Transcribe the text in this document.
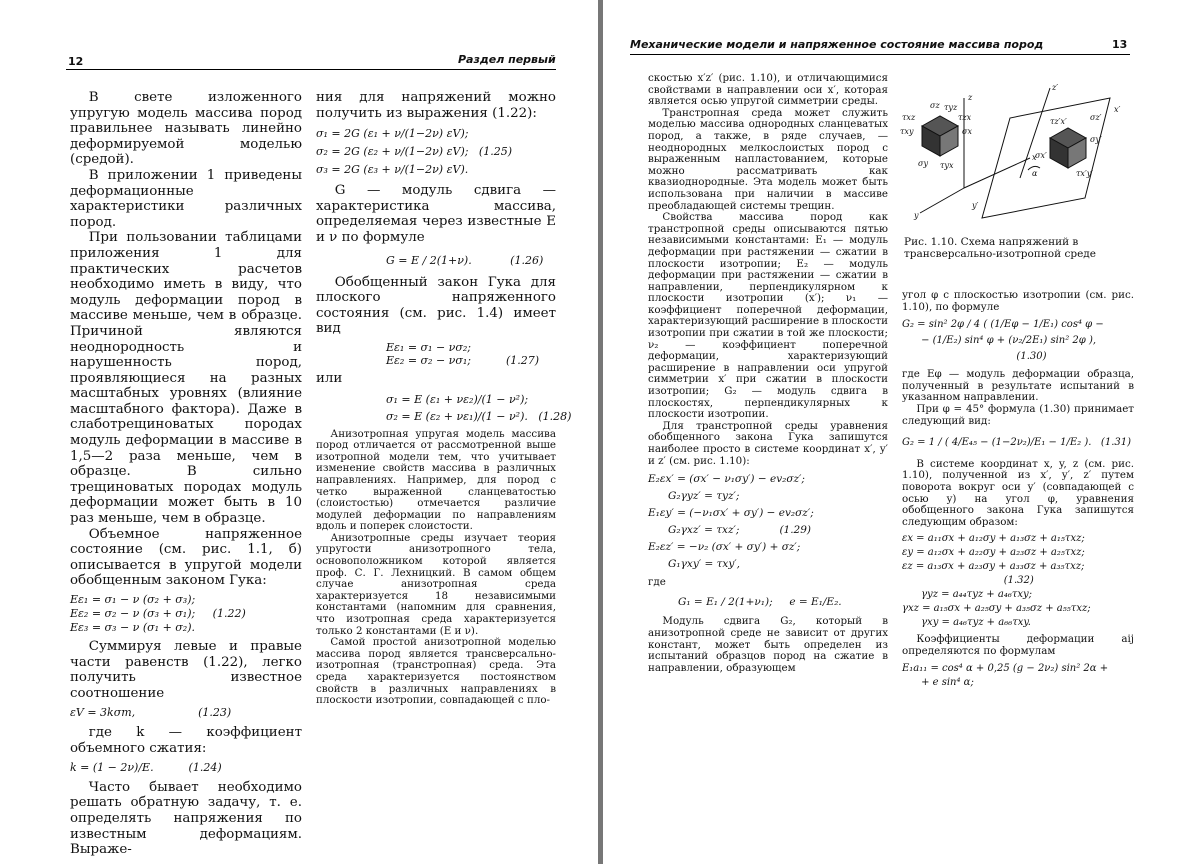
12	Раздел первый

В свете изложенного упругую модель массива пород правильнее называть линейно деформируемой моделью (средой).

В приложении 1 приведены деформационные характеристики различных пород.

При пользовании таблицами приложения 1 для практических расчетов необходимо иметь в виду, что модуль деформации пород в массиве меньше, чем в образце. Причиной являются неоднородность и нарушенность пород, проявляющиеся на разных масштабных уровнях (влияние масштабного фактора). Даже в слаботрещиноватых породах модуль деформации в массиве в 1,5—2 раза меньше, чем в образце. В сильно трещиноватых породах модуль деформации может быть в 10 раз меньше, чем в образце.

Объемное напряженное состояние (см. рис. 1.1, б) описывается в упругой модели обобщенным законом Гука:

Eε₁ = σ₁ − ν (σ₂ + σ₃);
Eε₂ = σ₂ − ν (σ₃ + σ₁);     (1.22)
Eε₃ = σ₃ − ν (σ₁ + σ₂).

Суммируя левые и правые части равенств (1.22), легко получить известное соотношение

εV = 3kσm,                  (1.23)

где k — коэффициент объемного сжатия:

k = (1 − 2ν)/E.          (1.24)

Часто бывает необходимо решать обратную задачу, т. е. определять напряжения по известным деформациям. Выраже-

ния для напряжений можно получить из выражения (1.22):

σ₁ = 2G (ε₁ + ν/(1−2ν) εV);
σ₂ = 2G (ε₂ + ν/(1−2ν) εV);   (1.25)
σ₃ = 2G (ε₃ + ν/(1−2ν) εV).

G — модуль сдвига — характеристика массива, определяемая через известные E и ν по формуле

G = E / 2(1+ν).           (1.26)

Обобщенный закон Гука для плоского напряженного состояния (см. рис. 1.4) имеет вид

Eε₁ = σ₁ − νσ₂;
Eε₂ = σ₂ − νσ₁;          (1.27)

или

σ₁ = E (ε₁ + νε₂)/(1 − ν²);
σ₂ = E (ε₂ + νε₁)/(1 − ν²).   (1.28)

Анизотропная упругая модель массива пород отличается от рассмотренной выше изотропной модели тем, что учитывает изменение свойств массива в различных направлениях. Например, для пород с четко выраженной сланцеватостью (слоистостью) отмечается различие модулей деформации по направлениям вдоль и поперек слоистости.

Анизотропные среды изучает теория упругости анизотропного тела, основоположником которой является проф. С. Г. Лехницкий. В самом общем случае анизотропная среда характеризуется 18 независимыми константами (напомним для сравнения, что изотропная среда характеризуется только 2 константами (E и ν).

Самой простой анизотропной моделью массива пород является трансверсально-изотропная (транстропная) среда. Эта среда характеризуется постоянством свойств в различных направлениях в плоскости изотропии, совпадающей с пло-

Механические модели и напряженное состояние массива пород	13

скостью x′z′ (рис. 1.10), и отличающимися свойствами в направлении оси x′, которая является осью упругой симметрии среды.

Транстропная среда может служить моделью массива однородных сланцеватых пород, а также, в ряде случаев, — неоднородных мелкослоистых пород с выраженным напластованием, которые можно рассматривать как квазиоднородные. Эта модель может быть использована при наличии в массиве преобладающей системы трещин.

Свойства массива пород как транстропной среды описываются пятью независимыми константами: E₁ — модуль деформации при растяжении — сжатии в плоскости изотропии; E₂ — модуль деформации при растяжении — сжатии в направлении, перпендикулярном к плоскости изотропии (x′); ν₁ — коэффициент поперечной деформации, характеризующий расширение в плоскости изотропии при сжатии в той же плоскости; ν₂ — коэффициент поперечной деформации, характеризующий расширение в направлении оси упругой симметрии x′ при сжатии в плоскости изотропии; G₂ — модуль сдвига в плоскостях, перпендикулярных к плоскости изотропии.

Для транстропной среды уравнения обобщенного закона Гука запишутся наиболее просто в системе координат x′, y′ и z′ (см. рис. 1.10):

E₂εx′ = (σx′ − ν₁σy′) − ev₂σz′;
G₂γyz′ = τyz′;
E₁εy′ = (−ν₁σx′ + σy′) − ev₂σz′;
G₂γxz′ = τxz′;            (1.29)
E₂εz′ = −ν₂ (σx′ + σy′) + σz′;
G₁γxy′ = τxy′,

где

G₁ = E₁ / 2(1+ν₁);     e = E₁/E₂.

Модуль сдвига G₂, который в анизотропной среде не зависит от других констант, может быть определен из испытаний образцов пород на сжатие в направлении, образующем

σz τyz
τzx
τxz
τxy	σx
σy τyx
σz′
τz′x′
σy′
σx′
τx′y′
z′
x′
y′
z
y
x
α
Рис. 1.10. Схема напряжений в трансверсально-изотропной среде

угол φ с плоскостью изотропии (см. рис. 1.10), по формуле

G₂ = sin² 2φ / 4 ( (1/Eφ − 1/E₁) cos⁴ φ −
− (1/E₂) sin⁴ φ + (ν₂/2E₁) sin² 2φ ),
(1.30)

где Eφ — модуль деформации образца, полученный в результате испытаний в указанном направлении.

При φ = 45° формула (1.30) принимает следующий вид:

G₂ = 1 / ( 4/E₄₅ − (1−2ν₂)/E₁ − 1/E₂ ).   (1.31)

В системе координат x, y, z (см. рис. 1.10), полученной из x′, y′, z′ путем поворота вокруг оси y′ (совпадающей с осью y) на угол φ, уравнения обобщенного закона Гука запишутся следующим образом:

εx = a₁₁σx + a₁₂σy + a₁₃σz + a₁₅τxz;
εy = a₁₂σx + a₂₂σy + a₂₃σz + a₂₅τxz;
εz = a₁₃σx + a₂₃σy + a₃₃σz + a₃₅τxz;
(1.32)
γyz = a₄₄τyz + a₄₆τxy;
γxz = a₁₅σx + a₂₅σy + a₃₅σz + a₅₅τxz;
γxy = a₄₆τyz + a₆₆τxy.

Коэффициенты деформации aij определяются по формулам

E₁a₁₁ = cos⁴ α + 0,25 (g − 2ν₂) sin² 2α +
+ e sin⁴ α;
